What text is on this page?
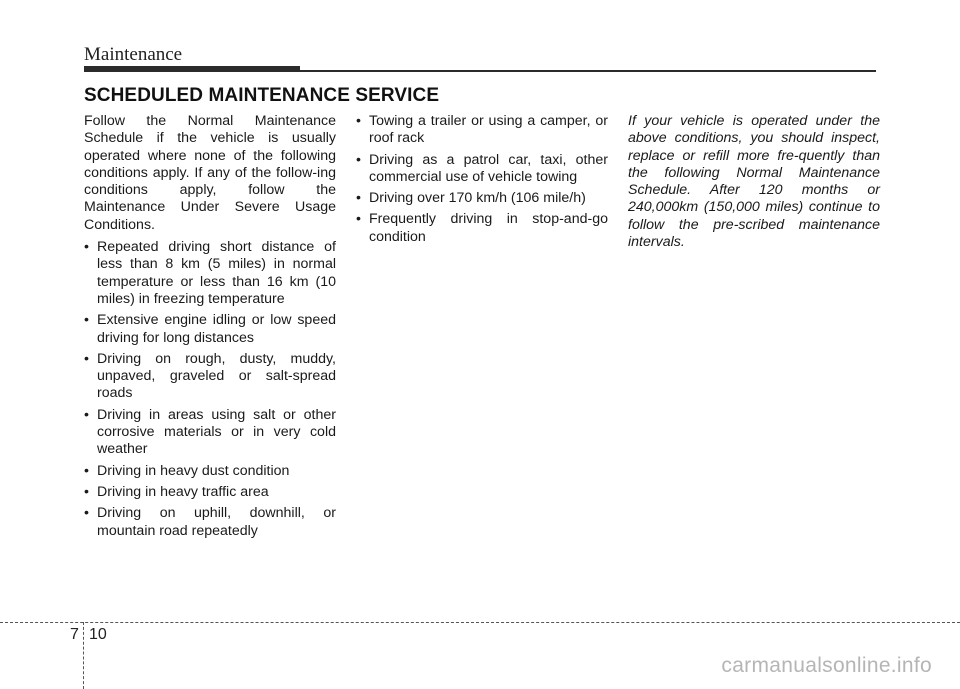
Maintenance
SCHEDULED MAINTENANCE SERVICE

Follow the Normal Maintenance Schedule if the vehicle is usually operated where none of the following conditions apply. If any of the follow-ing conditions apply, follow the Maintenance Under Severe Usage Conditions.

• Repeated driving short distance of less than 8 km (5 miles) in normal temperature or less than 16 km (10 miles) in freezing temperature
• Extensive engine idling or low speed driving for long distances
• Driving on rough, dusty, muddy, unpaved, graveled or salt-spread roads
• Driving in areas using salt or other corrosive materials or in very cold weather
• Driving in heavy dust condition
• Driving in heavy traffic area
• Driving on uphill, downhill, or mountain road repeatedly
• Towing a trailer or using a camper, or roof rack
• Driving as a patrol car, taxi, other commercial use of vehicle towing
• Driving over 170 km/h (106 mile/h)
• Frequently driving in stop-and-go condition

If your vehicle is operated under the above conditions, you should inspect, replace or refill more fre-quently than the following Normal Maintenance Schedule. After 120 months or 240,000km (150,000 miles) continue to follow the pre-scribed maintenance intervals.

7 10
carmanualsonline.info
